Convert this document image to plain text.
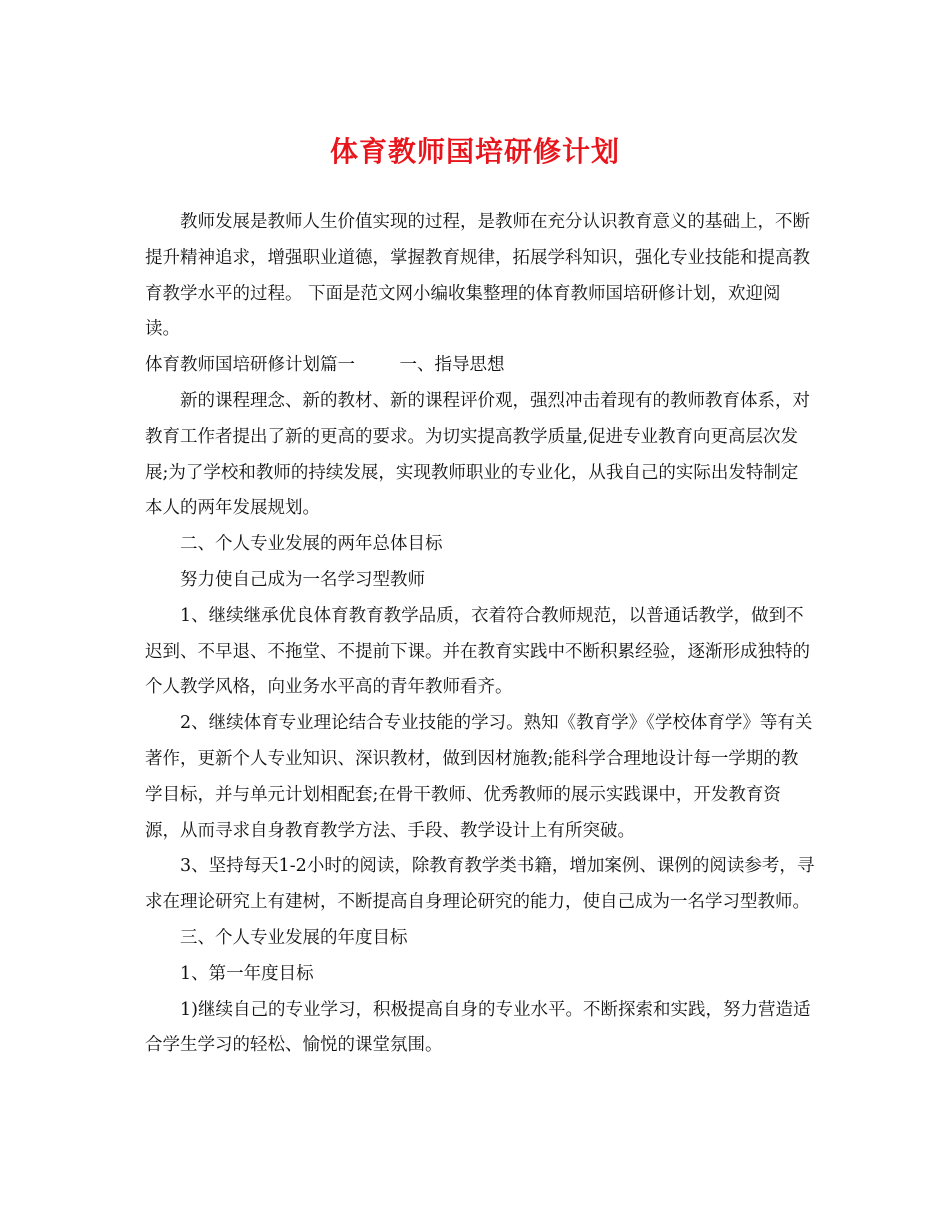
体育教师国培研修计划

教师发展是教师人生价值实现的过程，是教师在充分认识教育意义的基础上，不断提升精神追求，增强职业道德，掌握教育规律，拓展学科知识，强化专业技能和提高教育教学水平的过程。 下面是范文网小编收集整理的体育教师国培研修计划，欢迎阅读。

体育教师国培研修计划篇一        一、指导思想

新的课程理念、新的教材、新的课程评价观，强烈冲击着现有的教师教育体系，对教育工作者提出了新的更高的要求。为切实提高教学质量,促进专业教育向更高层次发展;为了学校和教师的持续发展，实现教师职业的专业化，从我自己的实际出发特制定本人的两年发展规划。

二、个人专业发展的两年总体目标

努力使自己成为一名学习型教师

1、继续继承优良体育教育教学品质，衣着符合教师规范，以普通话教学，做到不迟到、不早退、不拖堂、不提前下课。并在教育实践中不断积累经验，逐渐形成独特的个人教学风格，向业务水平高的青年教师看齐。

2、继续体育专业理论结合专业技能的学习。熟知《教育学》《学校体育学》等有关著作，更新个人专业知识、深识教材，做到因材施教;能科学合理地设计每一学期的教学目标，并与单元计划相配套;在骨干教师、优秀教师的展示实践课中，开发教育资源，从而寻求自身教育教学方法、手段、教学设计上有所突破。

3、坚持每天1-2小时的阅读，除教育教学类书籍，增加案例、课例的阅读参考，寻求在理论研究上有建树，不断提高自身理论研究的能力，使自己成为一名学习型教师。

三、个人专业发展的年度目标

1、第一年度目标

1)继续自己的专业学习，积极提高自身的专业水平。不断探索和实践，努力营造适合学生学习的轻松、愉悦的课堂氛围。
